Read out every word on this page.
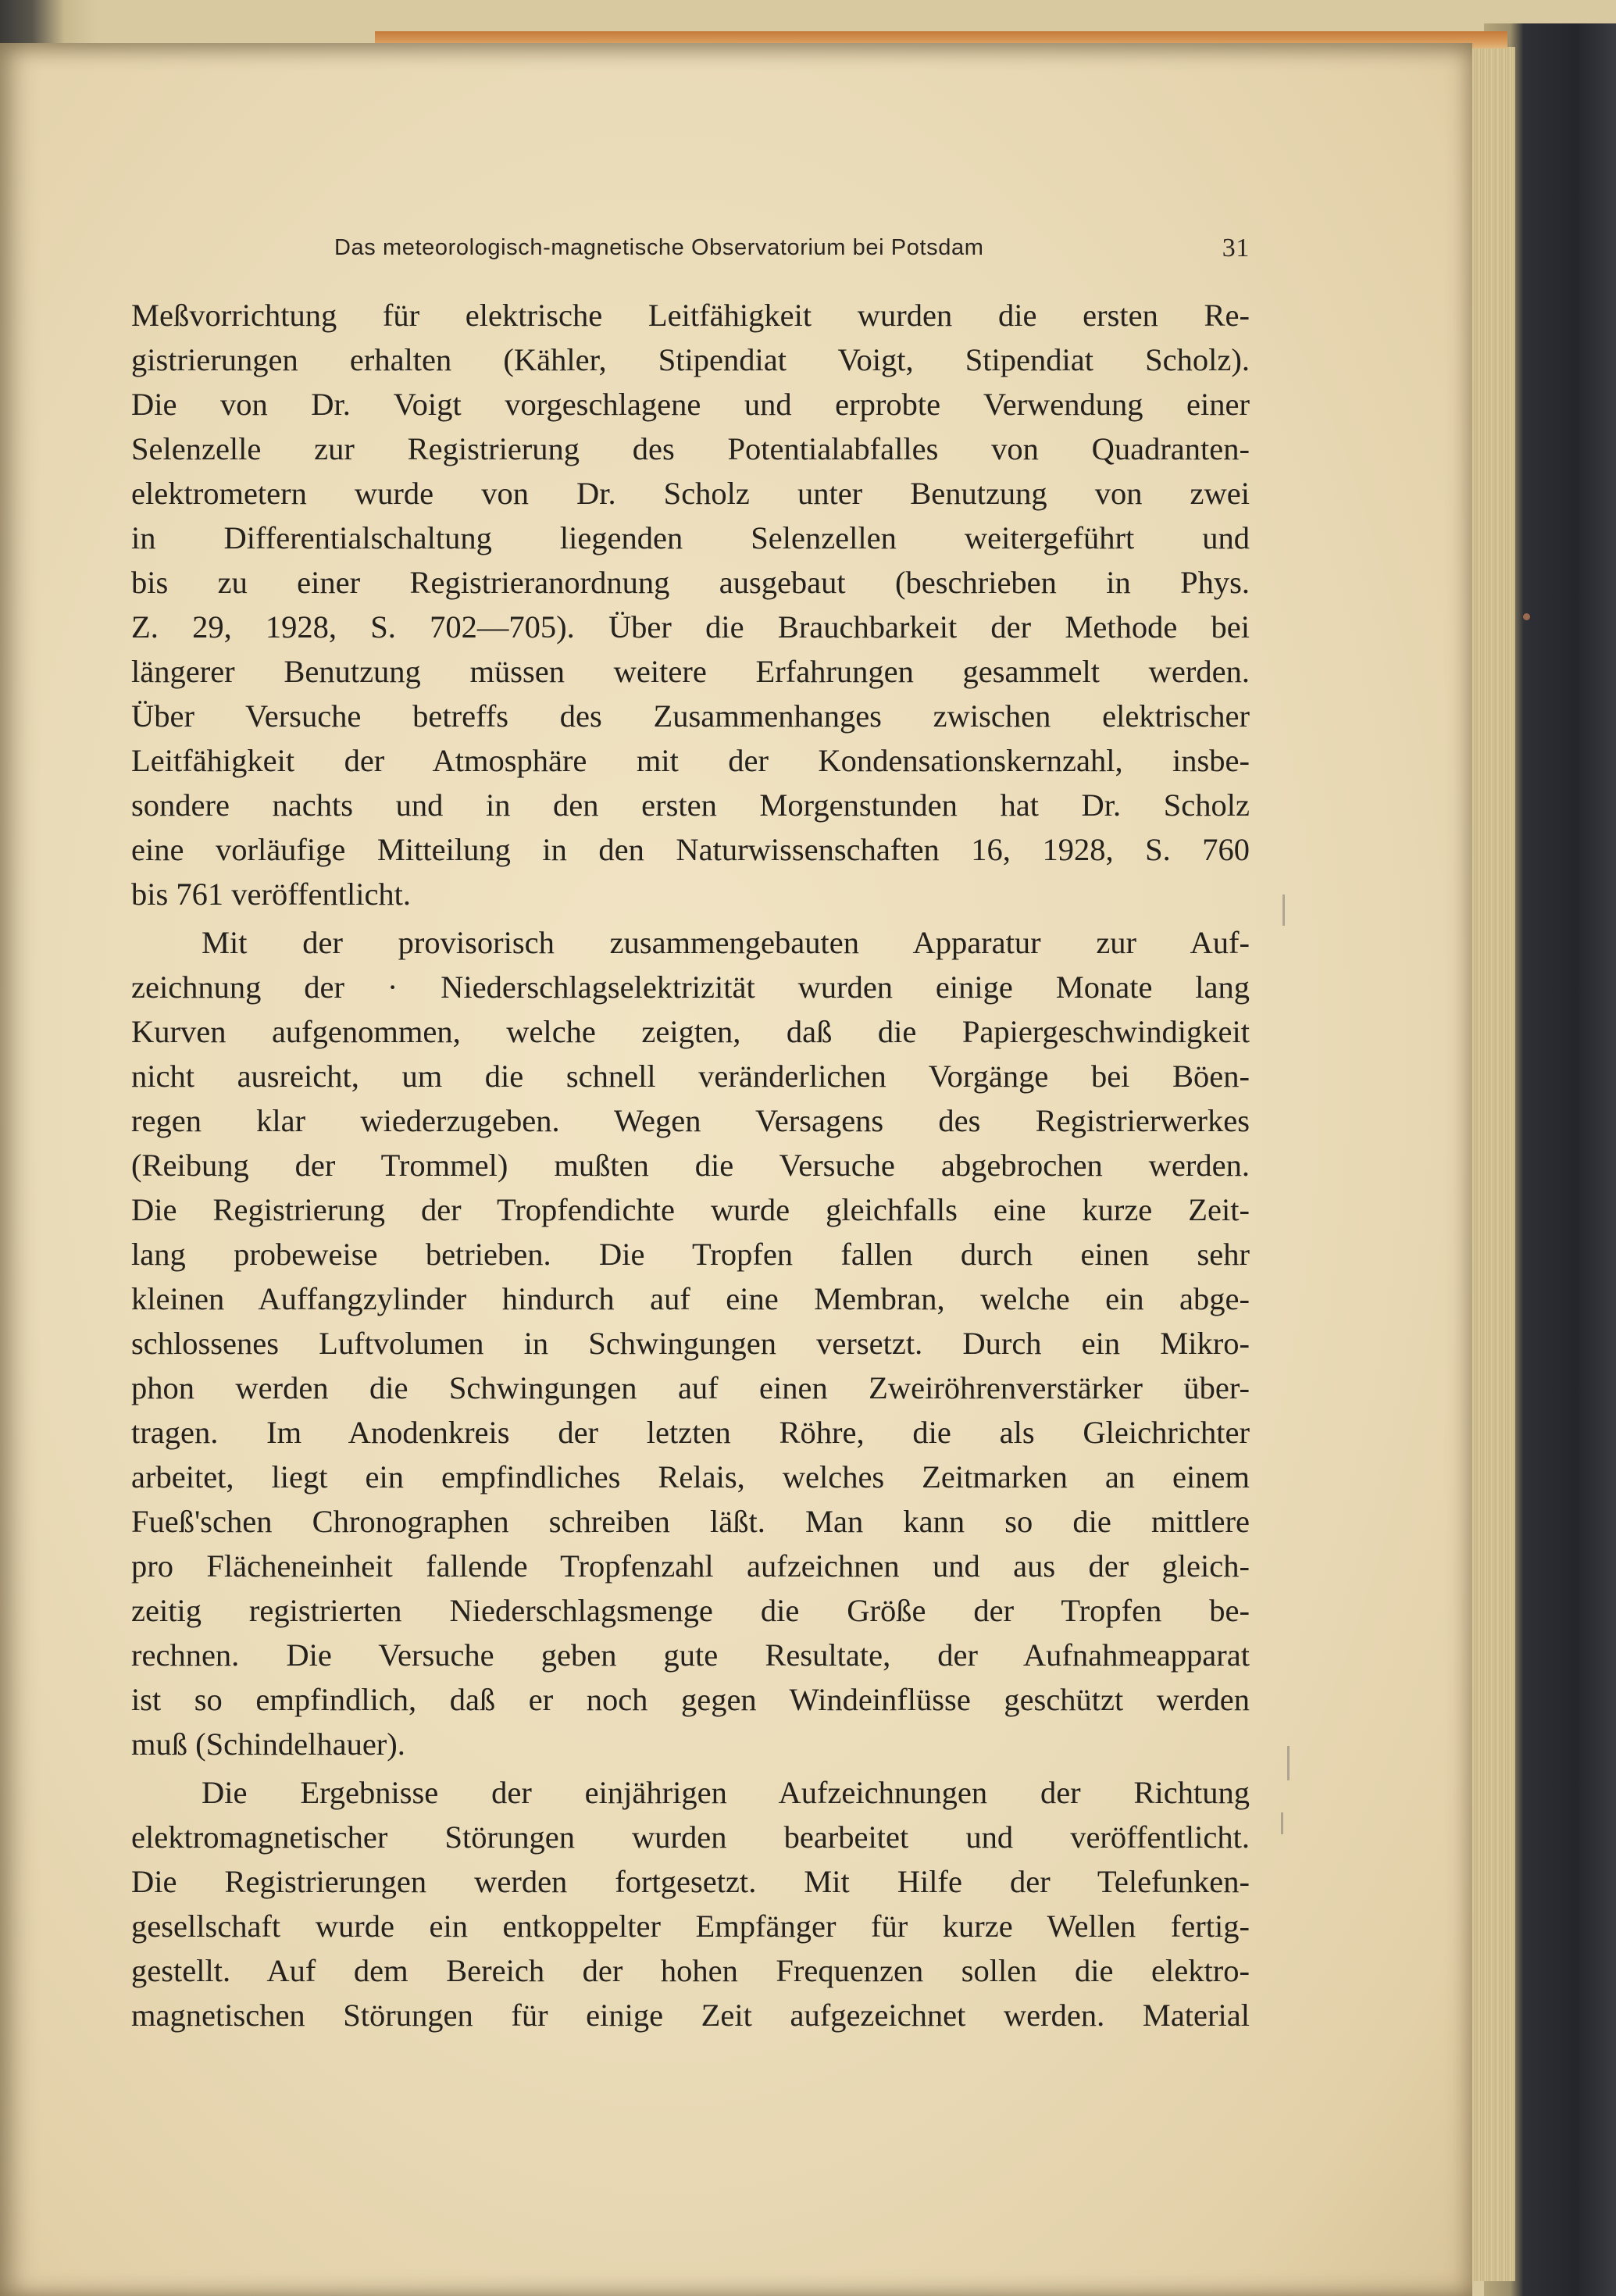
Das meteorologisch-magnetische Observatorium bei Potsdam	31
Meßvorrichtung für elektrische Leitfähigkeit wurden die ersten Re-
gistrierungen erhalten (Kähler, Stipendiat Voigt, Stipendiat Scholz).
Die von Dr. Voigt vorgeschlagene und erprobte Verwendung einer
Selenzelle zur Registrierung des Potentialabfalles von Quadranten-
elektrometern wurde von Dr. Scholz unter Benutzung von zwei
in Differentialschaltung liegenden Selenzellen weitergeführt und
bis zu einer Registrieranordnung ausgebaut (beschrieben in Phys.
Z. 29, 1928, S. 702—705). Über die Brauchbarkeit der Methode bei
längerer Benutzung müssen weitere Erfahrungen gesammelt werden.
Über Versuche betreffs des Zusammenhanges zwischen elektrischer
Leitfähigkeit der Atmosphäre mit der Kondensationskernzahl, insbe-
sondere nachts und in den ersten Morgenstunden hat Dr. Scholz
eine vorläufige Mitteilung in den Naturwissenschaften 16, 1928, S. 760
bis 761 veröffentlicht.
Mit der provisorisch zusammengebauten Apparatur zur Auf-
zeichnung der · Niederschlagselektrizität wurden einige Monate lang
Kurven aufgenommen, welche zeigten, daß die Papiergeschwindigkeit
nicht ausreicht, um die schnell veränderlichen Vorgänge bei Böen-
regen klar wiederzugeben. Wegen Versagens des Registrierwerkes
(Reibung der Trommel) mußten die Versuche abgebrochen werden.
Die Registrierung der Tropfendichte wurde gleichfalls eine kurze Zeit-
lang probeweise betrieben. Die Tropfen fallen durch einen sehr
kleinen Auffangzylinder hindurch auf eine Membran, welche ein abge-
schlossenes Luftvolumen in Schwingungen versetzt. Durch ein Mikro-
phon werden die Schwingungen auf einen Zweiröhrenverstärker über-
tragen. Im Anodenkreis der letzten Röhre, die als Gleichrichter
arbeitet, liegt ein empfindliches Relais, welches Zeitmarken an einem
Fueß'schen Chronographen schreiben läßt. Man kann so die mittlere
pro Flächeneinheit fallende Tropfenzahl aufzeichnen und aus der gleich-
zeitig registrierten Niederschlagsmenge die Größe der Tropfen be-
rechnen. Die Versuche geben gute Resultate, der Aufnahmeapparat
ist so empfindlich, daß er noch gegen Windeinflüsse geschützt werden
muß (Schindelhauer).
Die Ergebnisse der einjährigen Aufzeichnungen der Richtung
elektromagnetischer Störungen wurden bearbeitet und veröffentlicht.
Die Registrierungen werden fortgesetzt. Mit Hilfe der Telefunken-
gesellschaft wurde ein entkoppelter Empfänger für kurze Wellen fertig-
gestellt. Auf dem Bereich der hohen Frequenzen sollen die elektro-
magnetischen Störungen für einige Zeit aufgezeichnet werden. Material
